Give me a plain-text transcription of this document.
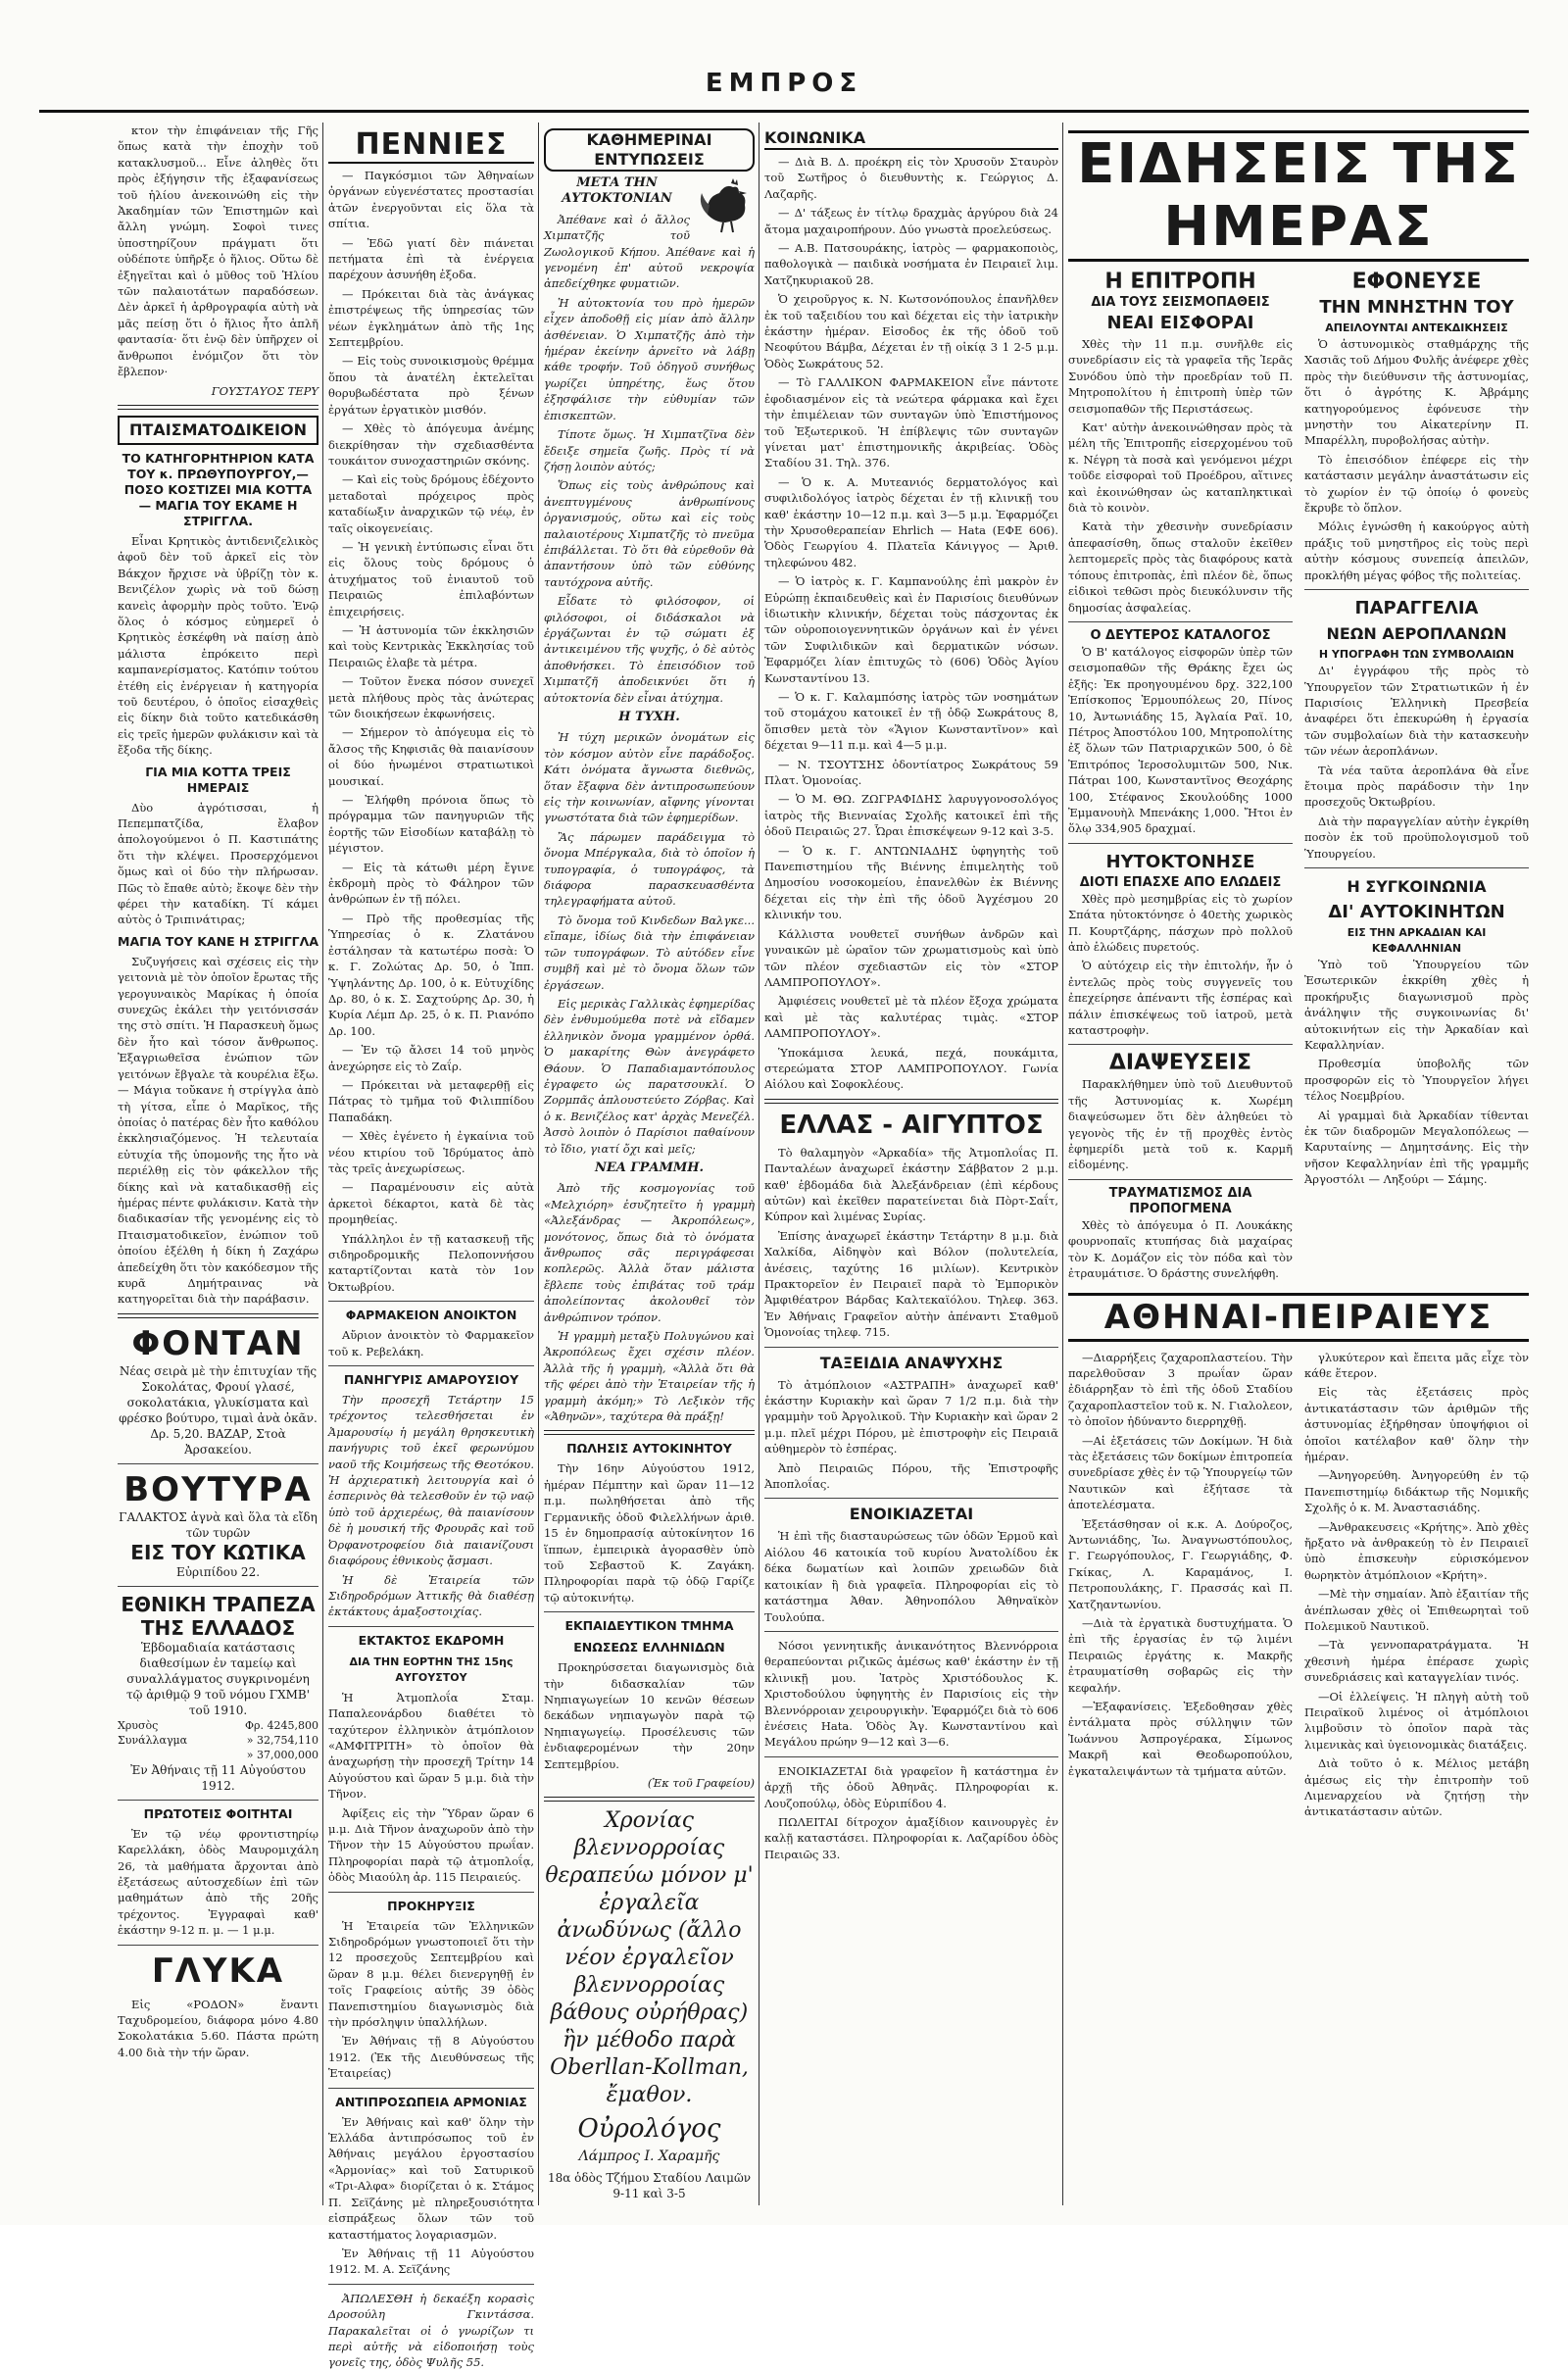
ΕΜΠΡΟΣ

κτον τὴν ἐπιφάνειαν τῆς Γῆς ὅπως κατὰ τὴν ἐποχὴν τοῦ κατακλυσμοῦ... Εἶνε ἀληθὲς ὅτι πρὸς ἐξήγησιν τῆς ἐξαφανίσεως τοῦ ἡλίου ἀνεκοινώθη εἰς τὴν Ἀκαδημίαν τῶν Ἐπιστημῶν καὶ ἄλλη γνώμη. Σοφοὶ τινες ὑποστηρίζουν πράγματι ὅτι οὐδέποτε ὑπῆρξε ὁ ἥλιος. Οὕτω δὲ ἐξηγεῖται καὶ ὁ μῦθος τοῦ Ἡλίου τῶν παλαιοτάτων παραδόσεων. Δὲν ἀρκεῖ ἡ ἀρθρογραφία αὐτὴ νὰ μᾶς πείσῃ ὅτι ὁ ἥλιος ἦτο ἁπλῆ φαντασία· ὅτι ἐνῷ δὲν ὑπῆρχεν οἱ ἄνθρωποι ἐνόμιζον ὅτι τὸν ἔβλεπον·

ΓΟΥΣΤΑΥΟΣ ΤΕΡΥ
ΠΤΑΙΣΜΑΤΟΔΙΚΕΙΟΝ
ΤΟ ΚΑΤΗΓΟΡΗΤΗΡΙΟΝ ΚΑΤΑ ΤΟΥ κ. ΠΡΩΘΥΠΟΥΡΓΟΥ,— ΠΟΣΟ ΚΟΣΤΙΖΕΙ ΜΙΑ ΚΟΤΤΑ — ΜΑΓΙΑ ΤΟΥ ΕΚΑΜΕ Η ΣΤΡΙΓΓΛΑ.

Εἶναι Κρητικὸς ἀντιδενιζελικὸς ἀφοῦ δὲν τοῦ ἀρκεῖ εἰς τὸν Βάκχον ἤρχισε νὰ ὑβρίζῃ τὸν κ. Βενιζέλον χωρὶς νὰ τοῦ δώσῃ κανεὶς ἀφορμὴν πρὸς τοῦτο. Ἐνῷ ὅλος ὁ κόσμος εὐημερεῖ ὁ Κρητικὸς ἐσκέφθη νὰ παίσῃ ἀπὸ μάλιστα ἐπρόκειτο περὶ καμπανερίσματος. Κατόπιν τούτου ἐτέθη εἰς ἐνέργειαν ἡ κατηγορία τοῦ δευτέρου, ὁ ὁποῖος εἰσαχθεὶς εἰς δίκην διὰ τοῦτο κατεδικάσθη εἰς τρεῖς ἡμερῶν φυλάκισιν καὶ τὰ ἔξοδα τῆς δίκης.

ΓΙΑ ΜΙΑ ΚΟΤΤΑ ΤΡΕΙΣ ΗΜΕΡΑΙΣ

Δὺο ἀγρότισσαι, ἡ Πεπεμπατζίδα, ἔλαβον ἀπολογούμενοι ὁ Π. Καστιπάτης ὅτι τὴν κλέψει. Προσερχόμενοι ὅμως καὶ οἱ δύο τὴν πλήρωσαν. Πῶς τὸ ἔπαθε αὐτὸ; ἔκοψε δὲν τὴν φέρει τὴν καταδίκη. Τί κάμει αὐτὸς ὁ Τριπινάτιρας;

ΜΑΓΙΑ ΤΟΥ ΚΑΝΕ Η ΣΤΡΙΓΓΛΑ

Συζυγήσεις καὶ σχέσεις εἰς τὴν γειτονιὰ μὲ τὸν ὁποῖον ἔρωτας τῆς γερογυναικὸς Μαρίκας ἡ ὁποία συνεχῶς ἐκάλει τὴν γειτόνισσάν της στὸ σπίτι. Ἡ Παρασκευὴ ὅμως δὲν ἦτο καὶ τόσον ἄνθρωπος. Ἐξαγριωθεῖσα ἐνώπιον τῶν γειτόνων ἔβγαλε τὰ κουρέλια ἔξω. — Μάγια τοὔκανε ἡ στρίγγλα ἀπὸ τὴ γίτσα, εἶπε ὁ Μαρῖκος, τῆς ὁποίας ὁ πατέρας δὲν ἦτο καθόλου ἐκκλησιαζόμενος. Ἡ τελευταία εὐτυχία τῆς ὑπομονῆς της ἦτο νὰ περιέλθῃ εἰς τὸν φάκελλον τῆς δίκης καὶ νὰ καταδικασθῇ εἰς ἡμέρας πέντε φυλάκισιν. Κατὰ τὴν διαδικασίαν τῆς γενομένης εἰς τὸ Πταισματοδικεῖον, ἐνώπιον τοῦ ὁποίου ἐξέλθη ἡ δίκη ἡ Ζαχάρω ἀπεδείχθη ὅτι τὸν κακόδεσμον τῆς κυρᾶ Δημήτραινας νὰ κατηγορεῖται διὰ τὴν παράβασιν.

ΦΟΝΤΑΝ
Νέας σειρὰ μὲ τὴν ἐπιτυχίαν τῆς Σοκολάτας, Φρουί γλασέ, σοκολατάκια, γλυκίσματα καὶ φρέσκο βούτυρο, τιμαὶ ἀνὰ ὀκᾶν. Δρ. 5,20. ΒΑΖΑΡ, Στοὰ Ἀρσακείου.
ΒΟΥΤΥΡΑ
ΓΑΛΑΚΤΟΣ ἀγνὰ καὶ ὅλα τὰ εἴδη τῶν τυρῶν
ΕΙΣ ΤΟΥ ΚΩΤΙΚΑ
Εὐριπίδου 22.
ΕΘΝΙΚΗ ΤΡΑΠΕΖΑ
ΤΗΣ ΕΛΛΑΔΟΣ
Ἑβδομαδιαία κατάστασις διαθεσίμων ἐν ταμείῳ καὶ συναλλάγματος συγκρινομένη τῷ ἀριθμῷ 9 τοῦ νόμου ΓΧΜΒ' τοῦ 1910.
Χρυσὸς	Φρ. 4245,800
Συνάλλαγμα	» 32,754,110
» 37,000,000
Ἐν Ἀθήναις τῇ 11 Αὐγούστου 1912.
ΠΡΩΤΟΤΕΙΣ ΦΟΙΤΗΤΑΙ

Ἐν τῷ νέῳ φροντιστηρίῳ Καρελλάκη, ὁδὸς Μαυρομιχάλη 26, τὰ μαθήματα ἄρχονται ἀπὸ ἐξετάσεως αὐτοσχεδίων ἐπὶ τῶν μαθημάτων ἀπὸ τῆς 20ῆς τρέχοντος. Ἐγγραφαὶ καθ' ἑκάστην 9-12 π. μ. — 1 μ.μ.

ΓΛΥΚΑ

Εἰς «ΡΟΔΟΝ» ἔναντι Ταχυδρομείου, διάφορα μόνο 4.80 Σοκολατάκια 5.60. Πάστα πρώτη 4.00 διὰ τὴν τήν ὥραν.

ΠΕΝΝΙΕΣ

— Παγκόσμιοι τῶν Ἀθηναίων ὀργάνων εὐγενέστατες προστασίαι ἀτῶν ἐνεργοῦνται εἰς ὅλα τὰ σπίτια.

— Ἐδῶ γιατί δὲν πιάνεται πετήματα ἐπὶ τὰ ἐνέργεια παρέχουν ἀσυνήθη ἐξοδα.

— Πρόκειται διὰ τὰς ἀνάγκας ἐπιστρέψεως τῆς ὑπηρεσίας τῶν νέων ἐγκλημάτων ἀπὸ τῆς 1ης Σεπτεμβρίου.

— Εἰς τοὺς συνοικισμοὺς θρέμμα ὅπου τὰ ἀνατέλη ἐκτελεῖται θορυβωδέστατα πρὸ ξένων ἐργάτων ἐργατικὸν μισθόν.

— Χθὲς τὸ ἀπόγευμα ἀνέμης διεκρίθησαν τὴν σχεδιασθέντα τουκάιτον συνοχαστηριῶν σκόνης.

— Καὶ εἰς τοὺς δρόμους ἐδέχοντο μεταδοταὶ πρόχειρος πρὸς καταδίωξιν ἀναρχικῶν τῷ νέῳ, ἐν ταῖς οἰκογενείαις.

— Ἡ γενικὴ ἐντύπωσις εἶναι ὅτι εἰς ὅλους τοὺς δρόμους ὁ ἀτυχήματος τοῦ ἐνιαυτοῦ τοῦ Πειραιῶς ἐπιλαβόντων ἐπιχειρήσεις.

— Ἡ ἀστυνομία τῶν ἐκκλησιῶν καὶ τοὺς Κεντρικὰς Ἐκκλησίας τοῦ Πειραιῶς ἐλαβε τὰ μέτρα.

— Τοῦτον ἔνεκα πόσον συνεχεῖ μετὰ πλήθους πρὸς τὰς ἀνώτερας τῶν διοικήσεων ἐκφωνήσεις.

— Σήμερον τὸ ἀπόγευμα εἰς τὸ ἄλσος τῆς Κηφισιᾶς θὰ παιανίσουν οἱ δύο ἡνωμένοι στρατιωτικοὶ μουσικαί.

— Ἐλήφθη πρόνοια ὅπως τὸ πρόγραμμα τῶν πανηγυριῶν τῆς ἑορτῆς τῶν Εἰσοδίων καταβάλῃ τὸ μέγιστον.

— Εἰς τὰ κάτωθι μέρη ἔγινε ἐκδρομὴ πρὸς τὸ Φάληρον τῶν ἀνθρώπων ἐν τῇ πόλει.

— Πρὸ τῆς προθεσμίας τῆς Ὑπηρεσίας ὁ κ. Ζλατάνου ἐστάλησαν τὰ κατωτέρω ποσὰ: Ὁ κ. Γ. Ζολώτας Δρ. 50, ὁ Ἰππ. Ὑψηλάντης Δρ. 100, ὁ κ. Εὐτυχίδης Δρ. 80, ὁ κ. Σ. Σαχτούρης Δρ. 30, ἡ Κυρία Λέμπ Δρ. 25, ὁ κ. Π. Ριανόπο Δρ. 100.

— Ἐν τῷ ἄλσει 14 τοῦ μηνὸς ἀνεχώρησε εἰς τὸ Ζαΐρ.

— Πρόκειται νὰ μεταφερθῇ εἰς Πάτρας τὸ τμῆμα τοῦ Φιλιππίδου Παπαδάκη.

— Χθὲς ἐγένετο ἡ ἐγκαίνια τοῦ νέου κτιρίου τοῦ Ἱδρύματος ἀπὸ τὰς τρεῖς ἀνεχωρίσεως.

— Παραμένουσιν εἰς αὐτὰ ἀρκετοὶ δέκαρτοι, κατὰ δὲ τὰς προμηθείας.

Υπάλληλοι ἐν τῇ κατασκευῇ τῆς σιδηροδρομικῆς Πελοποννήσου καταρτίζονται κατὰ τὸν 1ον Ὀκτωβρίου.

ΦΑΡΜΑΚΕΙΟΝ ΑΝΟΙΚΤΟΝ

Αὔριον ἀνοικτὸν τὸ Φαρμακεῖον τοῦ κ. Ρεβελάκη.

ΠΑΝΗΓΥΡΙΣ ΑΜΑΡΟΥΣΙΟΥ

Τὴν προσεχῆ Τετάρτην 15 τρέχοντος τελεσθήσεται ἐν Ἀμαρουσίῳ ἡ μεγάλη θρησκευτικὴ πανήγυρις τοῦ ἑκεῖ φερωνύμου ναοῦ τῆς Κοιμήσεως τῆς Θεοτόκου. Ἡ ἀρχιερατικὴ λειτουργία καὶ ὁ ἐσπερινὸς θὰ τελεσθοῦν ἐν τῷ ναῷ ὑπὸ τοῦ ἀρχιερέως, θὰ παιανίσουν δὲ ἡ μουσική τῆς Φρουρᾶς καὶ τοῦ Ὀρφανοτροφείου διὰ παιανίζουσι διαφόρους ἐθνικοὺς ᾄσμασι.

Ἡ δὲ Ἑταιρεία τῶν Σιδηροδρόμων Ἀττικῆς θὰ διαθέσῃ ἐκτάκτους ἀμαξοστοιχίας.

ΕΚΤΑΚΤΟΣ ΕΚΔΡΟΜΗ
ΔΙΑ ΤΗΝ ΕΟΡΤΗΝ ΤΗΣ 15ης ΑΥΓΟΥΣΤΟΥ

Ἡ Ἀτμοπλοΐα Σταμ. Παπαλεονάρδου διαθέτει τὸ ταχύτερον ἐλληνικὸν ἀτμόπλοιον «ΑΜΦΙΤΡΙΤΗ» τὸ ὁποῖον θὰ ἀναχωρήσῃ τὴν προσεχῆ Τρίτην 14 Αὐγούστου καὶ ὥραν 5 μ.μ. διὰ τὴν Τῆνον.

Ἀφίξεις εἰς τὴν Ὕδραν ὥραν 6 μ.μ. Διὰ Τῆνον ἀναχωροῦν ἀπὸ τὴν Τῆνον τὴν 15 Αὐγούστου πρωΐαν. Πληροφορίαι παρὰ τῷ ἀτμοπλοΐᾳ, ὁδὸς Μιαούλη ἀρ. 115 Πειραιεύς.

ΠΡΟΚΗΡΥΞΙΣ

Ἡ Ἑταιρεία τῶν Ἑλληνικῶν Σιδηροδρόμων γνωστοποιεῖ ὅτι τὴν 12 προσεχοῦς Σεπτεμβρίου καὶ ὥραν 8 μ.μ. θέλει διενεργηθῇ ἐν τοῖς Γραφείοις αὐτῆς 39 ὁδὸς Πανεπιστημίου διαγωνισμὸς διὰ τὴν πρόσληψιν ὑπαλλήλων.

Ἐν Ἀθήναις τῇ 8 Αὐγούστου 1912. (Ἐκ τῆς Διευθύνσεως τῆς Ἑταιρείας)

ΑΝΤΙΠΡΟΣΩΠΕΙΑ ΑΡΜΟΝΙΑΣ

Ἐν Ἀθήναις καὶ καθ' ὅλην τὴν Ἑλλάδα ἀντιπρόσωπος τοῦ ἐν Ἀθήναις μεγάλου ἐργοστασίου «Ἁρμονίας» καὶ τοῦ Σατυρικοῦ «Τρι-Αλφα» διορίζεται ὁ κ. Στάμος Π. Σεϊζάνης μὲ πληρεξουσιότητα εἰσπράξεως ὅλων τῶν τοῦ καταστήματος λογαριασμῶν.

Ἐν Ἀθήναις τῇ 11 Αὐγούστου 1912. Μ. Α. Σεϊζάνης

ἈΠΩΛΕΣΘΗ ἡ δεκαέξη κορασὶς Δροσούλη Γκιντάσσα. Παρακαλεῖται οἱ ὁ γνωρίζων τι περὶ αὐτῆς νὰ εἰδοποιήσῃ τοὺς γονεῖς της, ὁδὸς Ψυλῆς 55.

ΚΑΘΗΜΕΡΙΝΑΙ ΕΝΤΥΠΩΣΕΙΣ
ΜΕΤΑ ΤΗΝ ΑΥΤΟΚΤΟΝΙΑΝ

Ἀπέθανε καὶ ὁ ἄλλος Χιμπατζῆς τοῦ Ζωολογικοῦ Κήπου. Ἀπέθανε καὶ ἡ γενομένη ἐπ' αὐτοῦ νεκροψία ἀπεδείχθηκε φυματιῶν.

Ἡ αὐτοκτονία του πρὸ ἡμερῶν εἶχεν ἀποδοθῇ εἰς μίαν ἀπὸ ἄλλην ἀσθένειαν. Ὁ Χιμπατζῆς ἀπὸ τὴν ἡμέραν ἐκείνην ἀρνεῖτο νὰ λάβῃ κάθε τροφήν. Τοῦ ὁδηγοῦ συνήθως γωρίζει ὑπηρέτης, ἕως ὅτου ἐξησφάλισε τὴν εὐθυμίαν τῶν ἐπισκεπτῶν.

Τίποτε ὅμως. Ἡ Χιμπατζῖνα δὲν ἔδειξε σημεῖα ζωῆς. Πρὸς τί νὰ ζήσῃ λοιπὸν αὐτός;

Ὅπως εἰς τοὺς ἀνθρώπους καὶ ἀνεπτυγμένους ἀνθρωπίνους ὀργανισμούς, οὕτω καὶ εἰς τοὺς παλαιοτέρους Χιμπατζῆς τὸ πνεῦμα ἐπιβάλλεται. Τὸ ὅτι θὰ εὑρεθοῦν θὰ ἀπαντήσουν ὑπὸ τῶν εὐθύνης ταυτόχρονα αὐτῆς.

Εἶδατε τὸ φιλόσοφον, οἱ φιλόσοφοι, οἱ διδάσκαλοι νὰ ἐργάζωνται ἐν τῷ σώματι ἐξ ἀντικειμένου τῆς ψυχῆς, ὁ δὲ αὐτὸς ἀποθνήσκει. Τὸ ἐπεισόδιον τοῦ Χιμπατζῆ ἀποδεικνύει ὅτι ἡ αὐτοκτονία δὲν εἶναι ἀτύχημα.

Η ΤΥΧΗ.

Ἡ τύχη μερικῶν ὀνομάτων εἰς τὸν κόσμον αὐτὸν εἶνε παράδοξος. Κάτι ὀνόματα ἄγνωστα διεθνῶς, ὅταν ἔξαφνα δὲν ἀντιπροσωπεύουν εἰς τὴν κοινωνίαν, αἴφνης γίνονται γνωστότατα διὰ τῶν ἐφημερίδων.

Ἂς πάρωμεν παράδειγμα τὸ ὄνομα Μπέργκαλα, διὰ τὸ ὁποῖον ἡ τυπογραφία, ὁ τυπογράφος, τὰ διάφορα παρασκευασθέντα τηλεγραφήματα αὐτοῦ.

Τὸ ὄνομα τοῦ Κινδεδων Βαλγκε... εἴπαμε, ἰδίως διὰ τὴν ἐπιφάνειαν τῶν τυπογράφων. Τὸ αὐτόδεν εἶνε συμβῆ καὶ μὲ τὸ ὄνομα ὅλων τῶν ἐργάσεων.

Εἰς μερικὰς Γαλλικὰς ἐφημερίδας δὲν ἐνθυμούμεθα ποτὲ νὰ εἴδαμεν ἑλληνικὸν ὄνομα γραμμένον ὀρθά. Ὁ μακαρίτης Θὼν ἀνεγράφετο Θάουν. Ὁ Παπαδιαμαντόπουλος ἐγραφετο ὡς παρατσουκλί. Ὁ Ζορμπᾶς ἀπλουστεύετο Ζόρβας. Καὶ ὁ κ. Βενιζέλος κατ' ἀρχὰς Μενεζέλ. Ἀσσὸ λοιπὸν ὁ Παρίσιοι παθαίνουν τὸ ἴδιο, γιατί ὄχι καὶ μεῖς;

ΝΕΑ ΓΡΑΜΜΗ.

Ἀπὸ τῆς κοσμογονίας τοῦ «Μελχιόρη» ἐσυζητεῖτο ἡ γραμμὴ «Ἀλεξάνδρας — Ἀκροπόλεως», μονότονος, ὅπως διὰ τὸ ὀνόματα ἄνθρωπος σᾶς περιγράφεσαι κοπλερῶς. Ἀλλὰ ὅταν μάλιστα ἔβλεπε τοὺς ἐπιβάτας τοῦ τράμ ἀπολείποντας ἀκολουθεῖ τὸν ἀνθρώπινον τρόπον.

Ἡ γραμμὴ μεταξὺ Πολυγώνου καὶ Ἀκροπόλεως ἔχει σχέσιν πλέον. Ἀλλὰ τῆς ἡ γραμμὴ, «Ἀλλὰ ὅτι θὰ τῆς φέρει ἀπὸ τὴν Ἑταιρείαν τῆς ἡ γραμμὴ ἀκόμη;» Τὸ Λεξικὸν τῆς «Ἀθηνῶν», ταχύτερα θὰ πράξῃ!

ΠΩΛΗΣΙΣ ΑΥΤΟΚΙΝΗΤΟΥ

Τὴν 16ην Αὐγούστου 1912, ἡμέραν Πέμπτην καὶ ὥραν 11—12 π.μ. πωληθήσεται ἀπὸ τῆς Γερμανικῆς ὁδοῦ Φιλελλήνων ἀριθ. 15 ἐν δημοπρασίᾳ αὐτοκίνητον 16 ἵππων, ἐμπειρικὰ ἀγορασθὲν ὑπὸ τοῦ Σεβαστοῦ Κ. Ζαγάκη. Πληροφορίαι παρὰ τῷ ὁδῷ Γαρίζε τῷ αὐτοκινήτῳ.

ΕΚΠΑΙΔΕΥΤΙΚΟΝ ΤΜΗΜΑ
ΕΝΩΣΕΩΣ ΕΛΛΗΝΙΔΩΝ

Προκηρύσσεται διαγωνισμὸς διὰ τὴν διδασκαλίαν τῶν Νηπιαγωγείων 10 κενῶν θέσεων δεκάδων νηπιαγωγὸν παρὰ τῷ Νηπιαγωγείῳ. Προσέλευσις τῶν ἐνδιαφερομένων τὴν 20ην Σεπτεμβρίου.

(Ἐκ τοῦ Γραφείου)
Χρονίας βλεννορροίας θεραπεύω μόνον μ' ἐργαλεῖα ἀνωδύνως (ἄλλο νέον ἐργαλεῖον βλεννορροίας βάθους οὐρήθρας) ἣν μέθοδο παρὰ Oberllan-Kollman, ἔμαθον.
Οὐρολόγος
Λάμπρος Ι. Χαραμῆς
18α ὁδὸς Τζήμου Σταδίου Λαιμῶν 9-11 καὶ 3-5
ΚΟΙΝΩΝΙΚΑ

— Διὰ Β. Δ. προέκρη εἰς τὸν Χρυσοῦν Σταυρὸν τοῦ Σωτῆρος ὁ διευθυντὴς κ. Γεώργιος Δ. Λαζαρῆς.

— Δ' τάξεως ἐν τίτλῳ δραχμὰς ἀργύρου διὰ 24 ἄτομα μαχαιροπήρουν. Δύο γνωστὰ προελεύσεως.

— Α.Β. Πατσουράκης, ἰατρὸς — φαρμακοποιὸς, παθολογικὰ — παιδικὰ νοσήματα ἐν Πειραιεῖ λιμ. Χατζηκυριακοῦ 28.

Ὁ χειροῦργος κ. Ν. Κωτσονόπουλος ἐπανῆλθεν ἐκ τοῦ ταξειδίου του καὶ δέχεται εἰς τὴν ἰατρικὴν ἑκάστην ἡμέραν. Εἰσοδος ἐκ τῆς ὁδοῦ τοῦ Νεοφύτου Βάμβα, Δέχεται ἐν τῇ οἰκίᾳ 3 1 2-5 μ.μ. Ὁδὸς Σωκράτους 52.

— Τὸ ΓΑΛΛΙΚΟΝ ΦΑΡΜΑΚΕΙΟΝ εἶνε πάντοτε ἐφοδιασμένον εἰς τὰ νεώτερα φάρμακα καὶ ἔχει τὴν ἐπιμέλειαν τῶν συνταγῶν ὑπὸ Ἐπιστήμονος τοῦ Ἐξωτερικοῦ. Ἡ ἐπίβλεψις τῶν συνταγῶν γίνεται ματ' ἐπιστημονικῆς ἀκριβείας. Ὁδὸς Σταδίου 31. Τηλ. 376.

— Ὁ κ. Α. Μυτεανιός δερματολόγος καὶ συφιλιδολόγος ἰατρὸς δέχεται ἐν τῇ κλινικῇ του καθ' ἑκάστην 10—12 π.μ. καὶ 3—5 μ.μ. Ἐφαρμόζει τὴν Χρυσοθεραπείαν Ehrlich — Hata (ΕΦΕ 606). Ὁδὸς Γεωργίου 4. Πλατεῖα Κάνιγγος — Ἀριθ. τηλεφώνου 482.

— Ὁ ἰατρὸς κ. Γ. Καμπανούλης ἐπὶ μακρὸν ἐν Εὐρώπῃ ἐκπαιδευθεὶς καὶ ἐν Παρισίοις διευθύνων ἰδιωτικὴν κλινικήν, δέχεται τοὺς πάσχοντας ἐκ τῶν οὐροποιογεννητικῶν ὀργάνων καὶ ἐν γένει τῶν Συφιλιδικῶν καὶ δερματικῶν νόσων. Ἐφαρμόζει λίαν ἐπιτυχῶς τὸ (606) Ὁδὸς Ἀγίου Κωνσταντίνου 13.

— Ὁ κ. Γ. Καλαμπόσης ἰατρὸς τῶν νοσημάτων τοῦ στομάχου κατοικεῖ ἐν τῇ ὁδῷ Σωκράτους 8, ὅπισθεν μετὰ τὸν «Ἅγιον Κωνσταντῖνον» καὶ δέχεται 9—11 π.μ. καὶ 4—5 μ.μ.

— Ν. ΤΣΟΥΤΣΗΣ ὀδοντίατρος Σωκράτους 59 Πλατ. Ὁμονοίας.

— Ὁ Μ. ΘΩ. ΖΩΓΡΑΦΙΔΗΣ λαρυγγονοσολόγος ἰατρὸς τῆς Βιενναίας Σχολῆς κατοικεῖ ἐπὶ τῆς ὁδοῦ Πειραιῶς 27. Ὧραι ἐπισκέψεων 9-12 καὶ 3-5.

— Ὁ κ. Γ. ΑΝΤΩΝΙΑΔΗΣ ὑφηγητὴς τοῦ Πανεπιστημίου τῆς Βιέννης ἐπιμελητὴς τοῦ Δημοσίου νοσοκομείου, ἐπανελθὼν ἐκ Βιέννης δέχεται εἰς τὴν ἐπὶ τῆς ὁδοῦ Ἀγχέσμου 20 κλινικήν του.

Κάλλιστα νουθετεῖ συνήθων ἀνδρῶν καὶ γυναικῶν μὲ ὡραῖον τῶν χρωματισμοὺς καὶ ὑπὸ τῶν πλέον σχεδιαστῶν εἰς τὸν «ΣΤΟΡ ΛΑΜΠΡΟΠΟΥΛΟΥ».

Ἀμφιέσεις νουθετεῖ μὲ τὰ πλέον ἔξοχα χρώματα καὶ μὲ τὰς καλυτέρας τιμὰς. «ΣΤΟΡ ΛΑΜΠΡΟΠΟΥΛΟΥ».

Ὑποκάμισα λευκά, πεχά, πουκάμιτα, στερεώματα ΣΤΟΡ ΛΑΜΠΡΟΠΟΥΛΟΥ. Γωνία Αἰόλου καὶ Σοφοκλέους.

ΕΛΛΑΣ - ΑΙΓΥΠΤΟΣ

Τὸ θαλαμηγὸν «Ἀρκαδία» τῆς Ἀτμοπλοΐας Π. Πανταλέων ἀναχωρεῖ ἑκάστην Σάββατον 2 μ.μ. καθ' ἑβδομάδα διὰ Ἀλεξάνδρειαν (ἐπὶ κέρδους αὐτῶν) καὶ ἐκεῖθεν παρατείνεται διὰ Πὸρτ-Σαΐτ, Κύπρον καὶ λιμένας Συρίας.

Ἐπίσης ἀναχωρεῖ ἑκάστην Τετάρτην 8 μ.μ. διὰ Χαλκίδα, Αἰδηψὸν καὶ Βόλον (πολυτελεία, ἀνέσεις, ταχύτης 16 μιλίων). Κεντρικὸν Πρακτορεῖον ἐν Πειραιεῖ παρὰ τὸ Ἐμπορικὸν Ἀμφιθέατρον Βάρδας Καλτεκαϊόλου. Τηλεφ. 363. Ἐν Ἀθήναις Γραφεῖον αὐτὴν ἀπέναντι Σταθμοῦ Ὁμονοίας τηλεφ. 715.

ΤΑΞΕΙΔΙΑ ΑΝΑΨΥΧΗΣ

Τὸ ἀτμόπλοιον «ΑΣΤΡΑΠΗ» ἀναχωρεῖ καθ' ἑκάστην Κυριακὴν καὶ ὥραν 7 1/2 π.μ. διὰ τὴν γραμμὴν τοῦ Ἀργολικοῦ. Τὴν Κυριακὴν καὶ ὥραν 2 μ.μ. πλεῖ μέχρι Πόρου, μὲ ἐπιστροφὴν εἰς Πειραιᾶ αὐθημερὸν τὸ ἑσπέρας.

Ἀπὸ Πειραιῶς Πόρου, τῆς Ἐπιστροφῆς Ἀποπλοΐας.

ΕΝΟΙΚΙΑΖΕΤΑΙ

Ἡ ἐπὶ τῆς διασταυρώσεως τῶν ὁδῶν Ἑρμοῦ καὶ Αἰόλου 46 κατοικία τοῦ κυρίου Ἀνατολίδου ἐκ δέκα δωματίων καὶ λοιπῶν χρειωδῶν διὰ κατοικίαν ἢ διὰ γραφεῖα. Πληροφορίαι εἰς τὸ κατάστημα Ἀθαν. Ἀθηνοπόλου Ἀθηναϊκὸν Τουλούπα.

Νόσοι γεννητικῆς ἀνικανότητος Βλεννόρροια θεραπεύονται ριζικῶς ἀμέσως καθ' ἑκάστην ἐν τῇ κλινικῇ μου. Ἰατρὸς Χριστόδουλος Κ. Χριστοδούλου ὑφηγητὴς ἐν Παρισίοις εἰς τὴν Βλεννόρροιαν χειρουργικὴν. Ἐφαρμόζει διὰ τὸ 606 ἐνέσεις Hata. Ὁδὸς Ἁγ. Κωνσταντίνου καὶ Μεγάλου πρώην 9—12 καὶ 3—6.

ΕΝΟΙΚΙΑΖΕΤΑΙ διὰ γραφεῖον ἢ κατάστημα ἐν ἀρχῇ τῆς ὁδοῦ Ἀθηνᾶς. Πληροφορίαι κ. Λουζοπούλῳ, ὁδὸς Εὐριπίδου 4.

ΠΩΛΕΙΤΑΙ δίτροχον ἀμαξίδιον καινουργὲς ἐν καλῇ καταστάσει. Πληροφορίαι κ. Λαζαρίδου ὁδὸς Πειραιῶς 33.

ΕΙΔΗΣΕΙΣ ΤΗΣ ΗΜΕΡΑΣ
Η ΕΠΙΤΡΟΠΗ
ΔΙΑ ΤΟΥΣ ΣΕΙΣΜΟΠΑΘΕΙΣ
ΝΕΑΙ ΕΙΣΦΟΡΑΙ

Χθὲς τὴν 11 π.μ. συνῆλθε εἰς συνεδρίασιν εἰς τὰ γραφεῖα τῆς Ἱερᾶς Συνόδου ὑπὸ τὴν προεδρίαν τοῦ Π. Μητροπολίτου ἡ ἐπιτροπὴ ὑπὲρ τῶν σεισμοπαθῶν τῆς Περιστάσεως.

Κατ' αὐτὴν ἀνεκοινώθησαν πρὸς τὰ μέλη τῆς Ἐπιτροπῆς εἰσερχομένου τοῦ κ. Νέγρη τὰ ποσὰ καὶ γενόμενοι μέχρι τοῦδε εἰσφοραὶ τοῦ Προέδρου, αἵτινες καὶ ἐκοινώθησαν ὡς καταπληκτικαὶ διὰ τὸ κοινὸν.

Κατὰ τὴν χθεσινὴν συνεδρίασιν ἀπεφασίσθη, ὅπως σταλοῦν ἐκεῖθεν λεπτομερεῖς πρὸς τὰς διαφόρους κατὰ τόπους ἐπιτροπὰς, ἐπὶ πλέον δὲ, ὅπως εἰδικοὶ τεθῶσι πρὸς διευκόλυνσιν τῆς δημοσίας ἀσφαλείας.

Ο ΔΕΥΤΕΡΟΣ ΚΑΤΑΛΟΓΟΣ

Ὁ Β' κατάλογος εἰσφορῶν ὑπὲρ τῶν σεισμοπαθῶν τῆς Θράκης ἔχει ὡς ἑξῆς: Ἐκ προηγουμένου δρχ. 322,100 Ἐπίσκοπος Ἑρμουπόλεως 20, Πίνος 10, Ἀντωνιάδης 15, Ἀγλαία Ραϊ. 10, Πέτρος Ἀποστόλου 100, Μητροπολίτης ἐξ ὅλων τῶν Πατριαρχικῶν 500, ὁ δὲ Ἐπιτρόπος Ἱεροσολυμιτῶν 500, Νικ. Πάτραι 100, Κωνσταντῖνος Θεοχάρης 100, Στέφανος Σκουλούδης 1000 Ἐμμανουὴλ Μπενάκης 1,000. Ἤτοι ἐν ὅλῳ 334,905 δραχμαί.

ΗΥΤΟΚΤΟΝΗΣΕ
ΔΙΟΤΙ ΕΠΑΣΧΕ ΑΠΟ ΕΛΩΔΕΙΣ

Χθὲς πρὸ μεσημβρίας εἰς τὸ χωρίον Σπάτα ηὐτοκτόνησε ὁ 40ετὴς χωρικὸς Π. Κουρτζάρης, πάσχων πρὸ πολλοῦ ἀπὸ ἑλώδεις πυρετούς.

Ὁ αὐτόχειρ εἰς τὴν ἐπιτολήν, ἦν ὁ ἐντελῶς πρὸς τοὺς συγγενεῖς του ἐπεχείρησε ἀπέναντι τῆς ἑσπέρας καὶ πάλιν ἐπισκέψεως τοῦ ἰατροῦ, μετὰ καταστροφὴν.

ΔΙΑΨΕΥΣΕΙΣ

Παρακλήθημεν ὑπὸ τοῦ Διευθυντοῦ τῆς Ἀστυνομίας κ. Χωρέμη διαψεύσωμεν ὅτι δὲν ἀληθεύει τὸ γεγονὸς τῆς ἐν τῇ προχθὲς ἐντὸς ἐφημερίδι μετὰ τοῦ κ. Καρμῆ εἰδομένης.

ΤΡΑΥΜΑΤΙΣΜΟΣ ΔΙΑ ΠΡΟΠΟΓΜΕΝΑ

Χθὲς τὸ ἀπόγευμα ὁ Π. Λουκάκης φουρνοπαῖς κτυπήσας διὰ μαχαίρας τὸν Κ. Δομάζον εἰς τὸν πόδα καὶ τὸν ἐτραυμάτισε. Ὁ δράστης συνελήφθη.

ΕΦΟΝΕΥΣΕ
ΤΗΝ ΜΝΗΣΤΗΝ ΤΟΥ
ΑΠΕΙΛΟΥΝΤΑΙ ΑΝΤΕΚΔΙΚΗΣΕΙΣ

Ὁ ἀστυνομικὸς σταθμάρχης τῆς Χασιᾶς τοῦ Δήμου Φυλῆς ἀνέφερε χθὲς πρὸς τὴν διεύθυνσιν τῆς ἀστυνομίας, ὅτι ὁ ἀγρότης Κ. Ἀβράμης κατηγορούμενος ἐφόνευσε τὴν μνηστὴν του Αἰκατερίνην Π. Μπαρέλλη, πυροβολήσας αὐτὴν.

Τὸ ἐπεισόδιον ἐπέφερε εἰς τὴν κατάστασιν μεγάλην ἀναστάτωσιν εἰς τὸ χωρίον ἐν τῷ ὁποίῳ ὁ φονεὺς ἔκρυβε τὸ ὅπλον.

Μόλις ἐγνώσθη ἡ κακούργος αὐτὴ πράξις τοῦ μνηστῆρος εἰς τοὺς περὶ αὐτὴν κόσμους συνεπείᾳ ἀπειλῶν, προκλήθη μέγας φόβος τῆς πολιτείας.

ΠΑΡΑΓΓΕΛΙΑ
ΝΕΩΝ ΑΕΡΟΠΛΑΝΩΝ
Η ΥΠΟΓΡΑΦΗ ΤΩΝ ΣΥΜΒΟΛΑΙΩΝ

Δι' ἐγγράφου τῆς πρὸς τὸ Ὑπουργεῖον τῶν Στρατιωτικῶν ἡ ἐν Παρισίοις Ἑλληνικὴ Πρεσβεία ἀναφέρει ὅτι ἐπεκυρώθη ἡ ἐργασία τῶν συμβολαίων διὰ τὴν κατασκευὴν τῶν νέων ἀεροπλάνων.

Τὰ νέα ταῦτα ἀεροπλάνα θὰ εἶνε ἔτοιμα πρὸς παράδοσιν τὴν 1ην προσεχοῦς Ὀκτωβρίου.

Διὰ τὴν παραγγελίαν αὐτὴν ἐγκρίθη ποσὸν ἐκ τοῦ προϋπολογισμοῦ τοῦ Ὑπουργείου.

Η ΣΥΓΚΟΙΝΩΝΙΑ
ΔΙ' ΑΥΤΟΚΙΝΗΤΩΝ
ΕΙΣ ΤΗΝ ΑΡΚΑΔΙΑΝ ΚΑΙ ΚΕΦΑΛΛΗΝΙΑΝ

Ὑπὸ τοῦ Ὑπουργείου τῶν Ἐσωτερικῶν ἐκκρίθη χθὲς ἡ προκήρυξις διαγωνισμοῦ πρὸς ἀνάληψιν τῆς συγκοινωνίας δι' αὐτοκινήτων εἰς τὴν Ἀρκαδίαν καὶ Κεφαλληνίαν.

Προθεσμία ὑποβολῆς τῶν προσφορῶν εἰς τὸ Ὑπουργεῖον λήγει τέλος Νοεμβρίου.

Αἱ γραμμαὶ διὰ Ἀρκαδίαν τίθενται ἐκ τῶν διαδρομῶν Μεγαλοπόλεως — Καρυταίνης — Δημητσάνης. Εἰς τὴν νῆσον Κεφαλληνίαν ἐπὶ τῆς γραμμῆς Ἀργοστόλι — Ληξούρι — Σάμης.

ΑΘΗΝΑΙ-ΠΕΙΡΑΙΕΥΣ

—Διαρρήξεις ζαχαροπλαστείου. Τὴν παρελθοῦσαν 3 πρωΐαν ὥραν ἐδιάρρηξαν τὸ ἐπὶ τῆς ὁδοῦ Σταδίου ζαχαροπλαστεῖον τοῦ κ. Ν. Γιαλολεον, τὸ ὁποῖον ἠδύναντο διερρηχθῇ.

—Αἱ ἐξετάσεις τῶν Δοκίμων. Ἡ διὰ τὰς ἐξετάσεις τῶν δοκίμων ἐπιτροπεία συνεδρίασε χθὲς ἐν τῷ Ὑπουργείῳ τῶν Ναυτικῶν καὶ ἐξήτασε τὰ ἀποτελέσματα.

Ἐξετάσθησαν οἱ κ.κ. Α. Δούροζος, Ἀντωνιάδης, Ἰω. Ἀναγνωστόπουλος, Γ. Γεωργόπουλος, Γ. Γεωργιάδης, Φ. Γκίκας, Λ. Καραμάνος, Ι. Πετροπουλάκης, Γ. Πρασσάς καὶ Π. Χατζηαντωνίου.

—Διὰ τὰ ἐργατικὰ δυστυχήματα. Ὁ ἐπὶ τῆς ἐργασίας ἐν τῷ λιμένι Πειραιῶς ἐργάτης κ. Μακρῆς ἐτραυματίσθη σοβαρῶς εἰς τὴν κεφαλήν.

—Ἐξαφανίσεις. Ἐξεδοθησαν χθὲς ἐντάλματα πρὸς σύλληψιν τῶν Ἰωάννου Ἀσπρογέρακα, Σίμωνος Μακρῆ καὶ Θεοδωροπούλου, ἐγκαταλειψάντων τὰ τμήματα αὐτῶν.

γλυκύτερον καὶ ἔπειτα μᾶς εἶχε τὸν κάθε ἕτερον.

Εἰς τὰς ἐξετάσεις πρὸς ἀντικατάστασιν τῶν ἀριθμῶν τῆς ἀστυνομίας ἐξήρθησαν ὑποψήφιοι οἱ ὁποῖοι κατέλαβον καθ' ὅλην τὴν ἡμέραν.

—Ἀνηγορεύθη. Ἀνηγορεύθη ἐν τῷ Πανεπιστημίῳ διδάκτωρ τῆς Νομικῆς Σχολῆς ὁ κ. Μ. Ἀναστασιάδης.

—Ἀνθρακευσεις «Κρήτης». Ἀπὸ χθὲς ἤρξατο νὰ ἀνθρακεύῃ τὸ ἐν Πειραιεῖ ὑπὸ ἐπισκευὴν εὑρισκόμενον θωρηκτὸν ἀτμόπλοιον «Κρήτη».

—Μὲ τὴν σημαίαν. Ἀπὸ ἐξαιτίαν τῆς ἀνέπλωσαν χθὲς οἱ Ἐπιθεωρηταὶ τοῦ Πολεμικοῦ Ναυτικοῦ.

—Τὰ γεννοπαρατράγματα. Ἡ χθεσινὴ ἡμέρα ἐπέρασε χωρὶς συνεδριάσεις καὶ καταγγελίαν τινός.

—Οἱ ἐλλείψεις. Ἡ πληγὴ αὐτὴ τοῦ Πειραϊκοῦ λιμένος οἱ ἀτμόπλοιοι λιμβοῦσιν τὸ ὁποῖον παρὰ τὰς λιμενικὰς καὶ ὑγειονομικὰς διατάξεις.

Διὰ τοῦτο ὁ κ. Μέλιος μετάβη ἀμέσως εἰς τὴν ἐπιτροπὴν τοῦ Λιμεναρχείου νὰ ζητήσῃ τὴν ἀντικατάστασιν αὐτῶν.
